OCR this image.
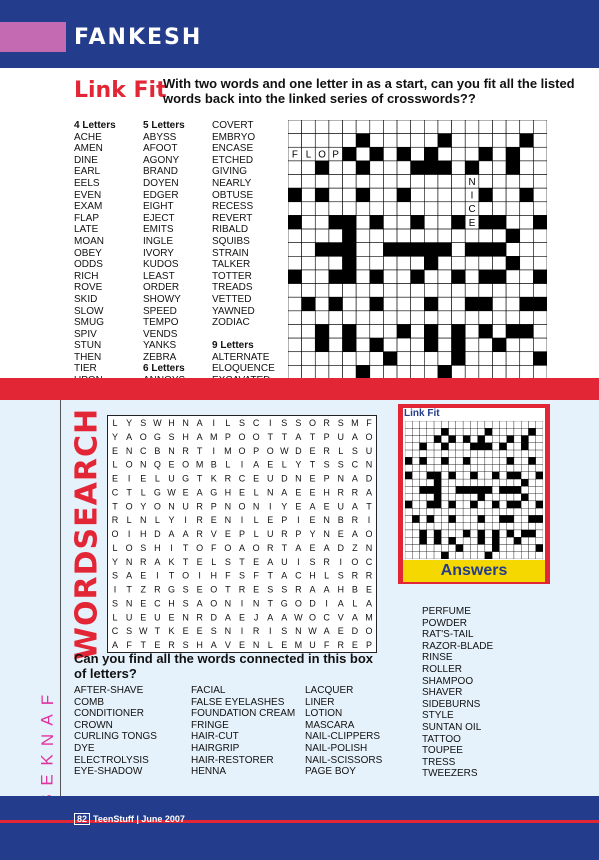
FANKESH
Link Fit
With two words and one letter in as a start, can you fit all the listed words back into the linked series of crosswords??
4 Letters
ACHE
AMEN
DINE
EARL
EELS
EVEN
EXAM
FLAP
LATE
MOAN
OBEY
ODDS
RICH
ROVE
SKID
SLOW
SMUG
SPIV
STUN
THEN
TIER
5 Letters
ABYSS
AFOOT
AGONY
BRAND
DOYEN
EDGER
EIGHT
EJECT
EMITS
INGLE
IVORY
KUDOS
LEAST
ORDER
SHOWY
SPEED
TEMPO
VENDS
YANKS
ZEBRA
6 Letters
COVERT
EMBRYO
ENCASE
ETCHED
GIVING
NEARLY
OBTUSE
RECESS
REVERT
RIBALD
SQUIBS
STRAIN
TALKER
TOTTER
TREADS
VETTED
YAWNED
ZODIAC

9 Letters
ALTERNATE
ELOQUENCE
F L O P
N
I
C
E
S
WORDSEARCH L Y S W H N A I L S C I S S O R S M F
Y A O G S H A M P O O T T A T P U A O
E N C B N R T I M O P O W D E R L S U
L O N Q E O M B L I A E L Y T S S C N
E I E L U G T K R C E U D N E P N A D
C T L G W E A G H E L N A E E H R R A
T O Y O N U R P N O N I Y E A E U A T
R L N L Y I R E N I L E P I E N B R I
O I H D A A R V E P L U R P Y N E A O
L O S H I T O F O A O R T A E A D Z N
Y N R A K T E L S T E A U I S R I O C
S A E I T O I H F S F T A C H L S R R
I T Z R G S E O T R E S S R A A H B E
S N E C H S A O N I N T G O D I A L A
L U E U E N R D A E J A A W O C V A M
C S W T K E E S N I R I S N W A E D O
A F T E R S H A V E N L E M U F R E P
Can you find all the words connected in this box of letters?
AFTER-SHAVE
COMB
CONDITIONER
CROWN
CURLING TONGS
DYE
ELECTROLYSIS
EYE-SHADOW
FACIAL
FALSE EYELASHES
FOUNDATION CREAM
FRINGE
HAIR-CUT
HAIRGRIP
HAIR-RESTORER
HENNA
LACQUER
LINER
LOTION
MASCARA
NAIL-CLIPPERS
NAIL-POLISH
NAIL-SCISSORS
PAGE BOY
PERFUME
POWDER
RAT'S-TAIL
RAZOR-BLADE
RINSE
ROLLER
SHAMPOO
SHAVER
SIDEBURNS
STYLE
SUNTAN OIL
TATTOO
TOUPEE
TRESS
TWEEZERS
Link Fit
Answers
F
A
N
K
E
82 TeenStuff | June 2007
